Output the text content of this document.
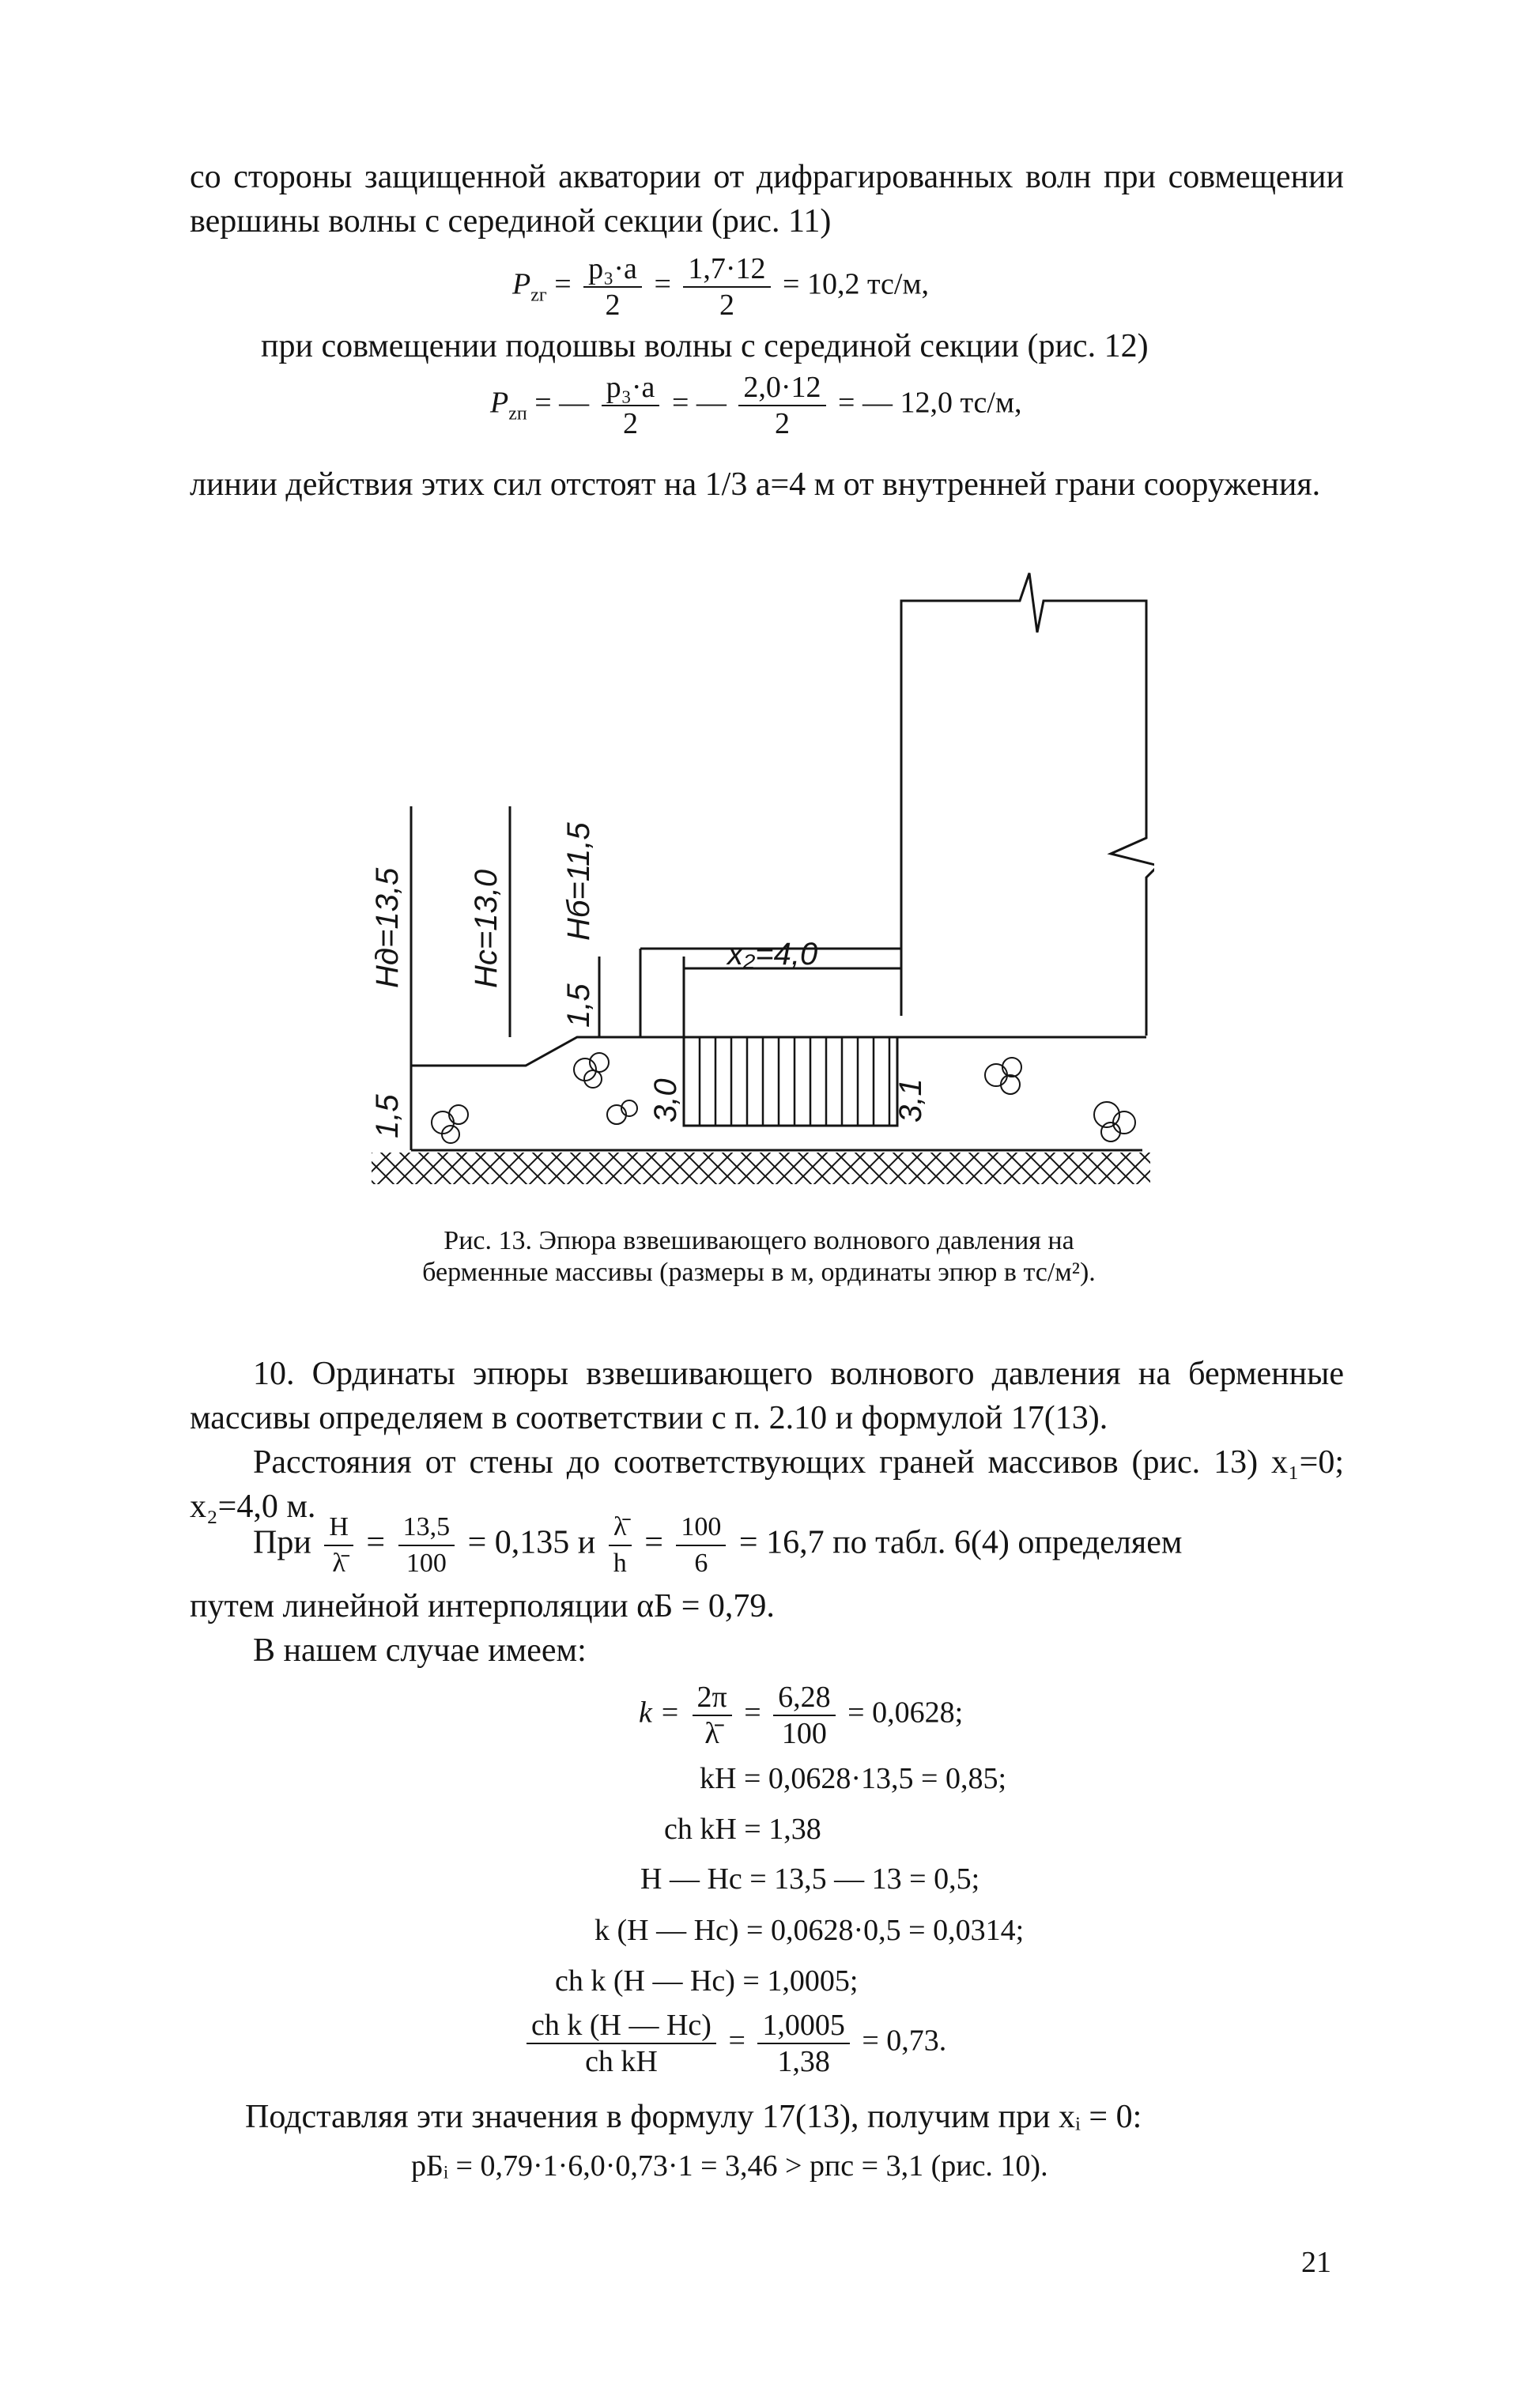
со стороны защищенной акватории от дифрагированных волн при совмещении вершины волны с серединой секции (рис. 11)

$P_{zг} = \frac{\text{p₃·a}}{2} = \frac{1,7\cdot 12}{2} = 10,2$ тс/м,

при совмещении подошвы волны с серединой секции (рис. 12)

$P_{zп}$ = — $\frac{\text{p₃·a}}{2}$ = — $\frac{2,0\cdot 12}{2}$ = — 12,0 тс/м,

линии действия этих сил отстоят на 1/3 a=4 м от внутренней грани сооружения.

x₂=4,0
Hд=13,5 Hс=13,0 Hб=11,5
1,5
1,5	3,0	3,1

Рис. 13. Эпюра взвешивающего волнового давления на берменные массивы (размеры в м, ординаты эпюр в тс/м²).

10. Ординаты эпюры взвешивающего волнового давления на берменные массивы определяем в соответствии с п. 2.10 и формулой 17(13).

Расстояния от стены до соответствующих граней массивов (рис. 13) x₁=0; x₂=4,0 м.

При $\frac{H}{\lambdā} = \frac{13,5}{100} = 0,135$ и $\frac{\lambdā}{h} = \frac{100}{6} = 16,7$ по табл. 6(4) определяем

путем линейной интерполяции αБ = 0,79.

В нашем случае имеем:

$k = \frac{2\pi}{\lambdā} = \frac{6,28}{100} = 0,0628$;
kH = 0,0628·13,5 = 0,85;
ch kH = 1,38
H — Hс = 13,5 — 13 = 0,5;
k (H — Hс) = 0,0628·0,5 = 0,0314;
ch k (H — Hс) = 1,0005;
$\frac{\text{ch k (H — Hс)}}{\text{ch kH}} = \frac{1,0005}{1,38} = 0,73$.

Подставляя эти значения в формулу 17(13), получим при xᵢ = 0:

pБᵢ = 0,79·1·6,0·0,73·1 = 3,46 > pпс = 3,1 (рис. 10).
21
